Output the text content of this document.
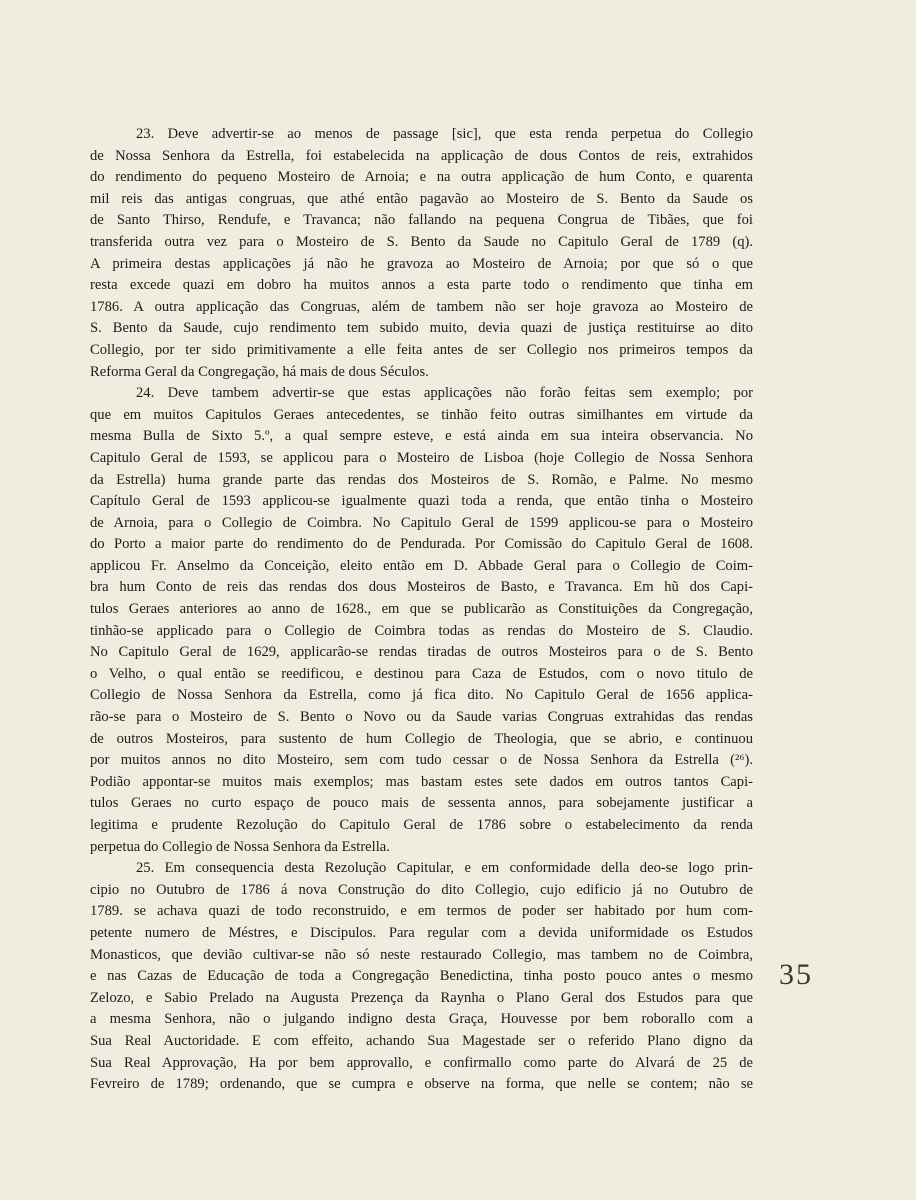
23. Deve advertir-se ao menos de passage [sic], que esta renda perpetua do Collegio
de Nossa Senhora da Estrella, foi estabelecida na applicação de dous Contos de reis, extrahidos
do rendimento do pequeno Mosteiro de Arnoia; e na outra applicação de hum Conto, e quarenta
mil reis das antigas congruas, que athé então pagavão ao Mosteiro de S. Bento da Saude os
de Santo Thirso, Rendufe, e Travanca; não fallando na pequena Congrua de Tibães, que foi
transferida outra vez para o Mosteiro de S. Bento da Saude no Capitulo Geral de 1789 (q).
A primeira destas applicações já não he gravoza ao Mosteiro de Arnoia; por que só o que
resta excede quazi em dobro ha muitos annos a esta parte todo o rendimento que tinha em
1786. A outra applicação das Congruas, além de tambem não ser hoje gravoza ao Mosteiro de
S. Bento da Saude, cujo rendimento tem subido muito, devia quazi de justiça restituirse ao dito
Collegio, por ter sido primitivamente a elle feita antes de ser Collegio nos primeiros tempos da
Reforma Geral da Congregação, há mais de dous Séculos.
24. Deve tambem advertir-se que estas applicações não forão feitas sem exemplo; por
que em muitos Capitulos Geraes antecedentes, se tinhão feito outras similhantes em virtude da
mesma Bulla de Sixto 5.º, a qual sempre esteve, e está ainda em sua inteira observancia. No
Capitulo Geral de 1593, se applicou para o Mosteiro de Lisboa (hoje Collegio de Nossa Senhora
da Estrella) huma grande parte das rendas dos Mosteiros de S. Romão, e Palme. No mesmo
Capítulo Geral de 1593 applicou-se igualmente quazi toda a renda, que então tinha o Mosteiro
de Arnoia, para o Collegio de Coimbra. No Capitulo Geral de 1599 applicou-se para o Mosteiro
do Porto a maior parte do rendimento do de Pendurada. Por Comissão do Capitulo Geral de 1608.
applicou Fr. Anselmo da Conceição, eleito então em D. Abbade Geral para o Collegio de Coim-
bra hum Conto de reis das rendas dos dous Mosteiros de Basto, e Travanca. Em hũ dos Capi-
tulos Geraes anteriores ao anno de 1628., em que se publicarão as Constituições da Congregação,
tinhão-se applicado para o Collegio de Coimbra todas as rendas do Mosteiro de S. Claudio.
No Capitulo Geral de 1629, applicarão-se rendas tiradas de outros Mosteiros para o de S. Bento
o Velho, o qual então se reedificou, e destinou para Caza de Estudos, com o novo titulo de
Collegio de Nossa Senhora da Estrella, como já fica dito. No Capitulo Geral de 1656 applica-
rão-se para o Mosteiro de S. Bento o Novo ou da Saude varias Congruas extrahidas das rendas
de outros Mosteiros, para sustento de hum Collegio de Theologia, que se abrio, e continuou
por muitos annos no dito Mosteiro, sem com tudo cessar o de Nossa Senhora da Estrella (²⁶).
Podião appontar-se muitos mais exemplos; mas bastam estes sete dados em outros tantos Capi-
tulos Geraes no curto espaço de pouco mais de sessenta annos, para sobejamente justificar a
legitima e prudente Rezolução do Capitulo Geral de 1786 sobre o estabelecimento da renda
perpetua do Collegio de Nossa Senhora da Estrella.
25. Em consequencia desta Rezolução Capitular, e em conformidade della deo-se logo prin-
cipio no Outubro de 1786 á nova Construção do dito Collegio, cujo edificio já no Outubro de
1789. se achava quazi de todo reconstruido, e em termos de poder ser habitado por hum com-
petente numero de Méstres, e Discipulos. Para regular com a devida uniformidade os Estudos
Monasticos, que devião cultivar-se não só neste restaurado Collegio, mas tambem no de Coimbra,
e nas Cazas de Educação de toda a Congregação Benedictina, tinha posto pouco antes o mesmo
Zelozo, e Sabio Prelado na Augusta Prezença da Raynha o Plano Geral dos Estudos para que
a mesma Senhora, não o julgando indigno desta Graça, Houvesse por bem roborallo com a
Sua Real Auctoridade. E com effeito, achando Sua Magestade ser o referido Plano digno da
Sua Real Approvação, Ha por bem approvallo, e confirmallo como parte do Alvará de 25 de
Fevreiro de 1789; ordenando, que se cumpra e observe na forma, que nelle se contem; não se
35
